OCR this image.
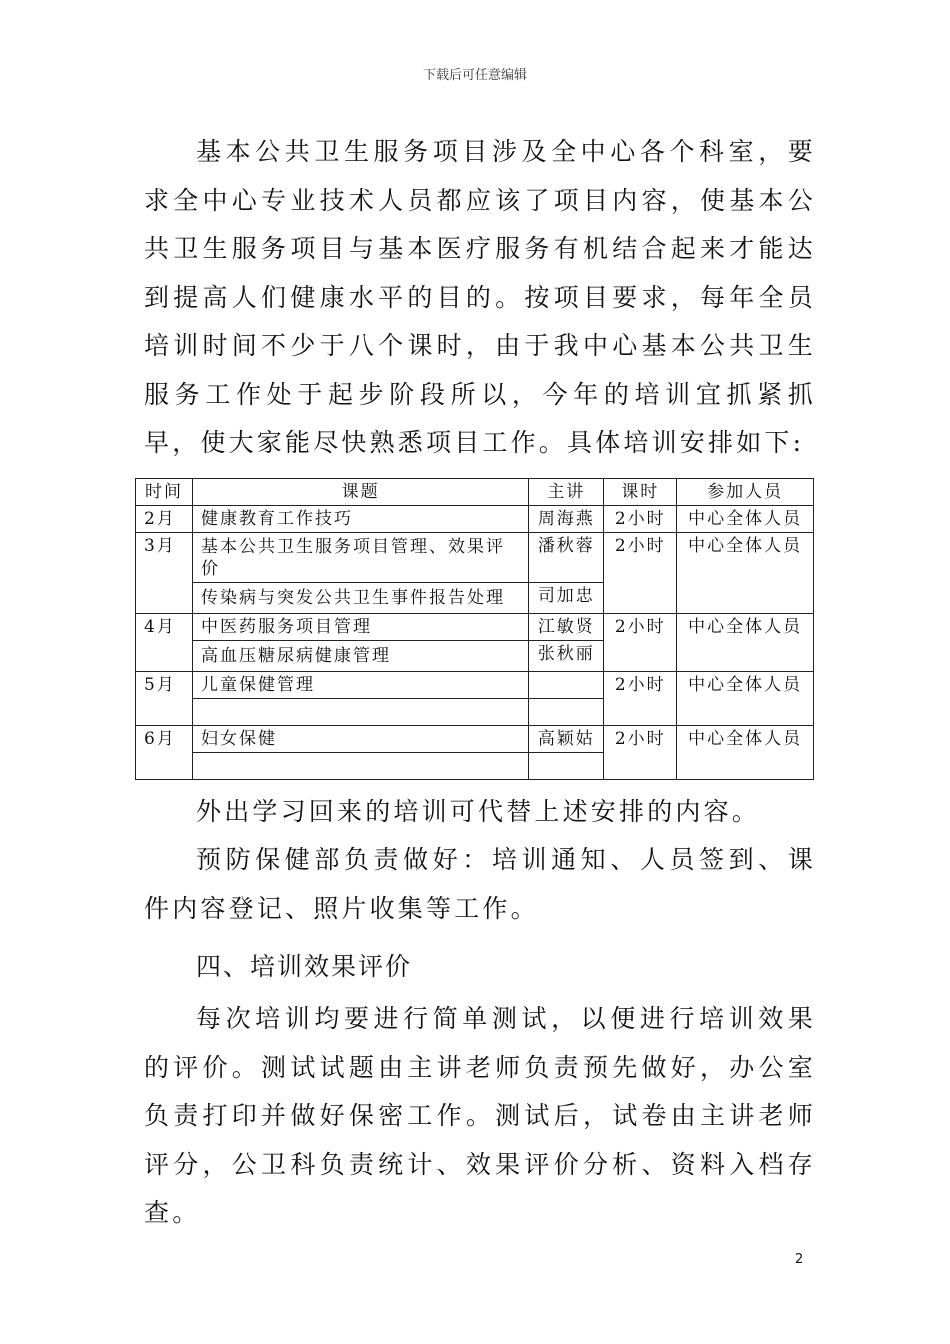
下载后可任意编辑

基本公共卫生服务项目涉及全中心各个科室，要求全中心专业技术人员都应该了项目内容，使基本公共卫生服务项目与基本医疗服务有机结合起来才能达到提高人们健康水平的目的。按项目要求，每年全员培训时间不少于八个课时，由于我中心基本公共卫生服务工作处于起步阶段所以，今年的培训宜抓紧抓早，使大家能尽快熟悉项目工作。具体培训安排如下:

时间	课题	主讲	课时	参加人员
2月	健康教育工作技巧	周海燕	2小时	中心全体人员
3月	基本公共卫生服务项目管理、效果评价	潘秋蓉	2小时	中心全体人员
	传染病与突发公共卫生事件报告处理	司加忠		
4月	中医药服务项目管理	江敏贤	2小时	中心全体人员
	高血压糖尿病健康管理	张秋丽		
5月	儿童保健管理		2小时	中心全体人员

6月	妇女保健	高颖姑	2小时	中心全体人员

外出学习回来的培训可代替上述安排的内容。

预防保健部负责做好：培训通知、人员签到、课件内容登记、照片收集等工作。

四、培训效果评价

每次培训均要进行简单测试，以便进行培训效果的评价。测试试题由主讲老师负责预先做好，办公室负责打印并做好保密工作。测试后，试卷由主讲老师评分，公卫科负责统计、效果评价分析、资料入档存查。

2
